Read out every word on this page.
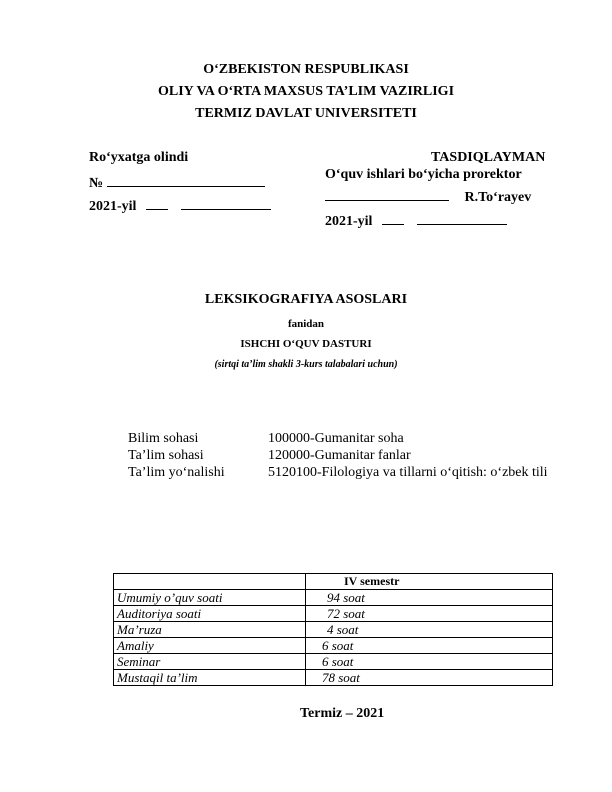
O‘ZBEKISTON RESPUBLIKASI
OLIY VA O‘RTA MAXSUS TA’LIM VAZIRLIGI
TERMIZ DAVLAT UNIVERSITETI
Ro‘yxatga olindi
№
2021-yil
TASDIQLAYMAN
O‘quv ishlari bo‘yicha prorektor
R.To‘rayev
2021-yil
LEKSIKOGRAFIYA ASOSLARI
fanidan
ISHCHI O‘QUV DASTURI
(sirtqi ta’lim shakli 3-kurs talabalari uchun)
Bilim sohasi	100000-Gumanitar soha
Ta’lim sohasi	120000-Gumanitar fanlar
Ta’lim yo‘nalishi	5120100-Filologiya va tillarni o‘qitish: o‘zbek tili
	IV semestr
Umumiy o’quv soati	94 soat
Auditoriya soati	72 soat
Ma’ruza	4 soat
Amaliy	6 soat
Seminar	6 soat
Mustaqil ta’lim	78 soat
Termiz – 2021
